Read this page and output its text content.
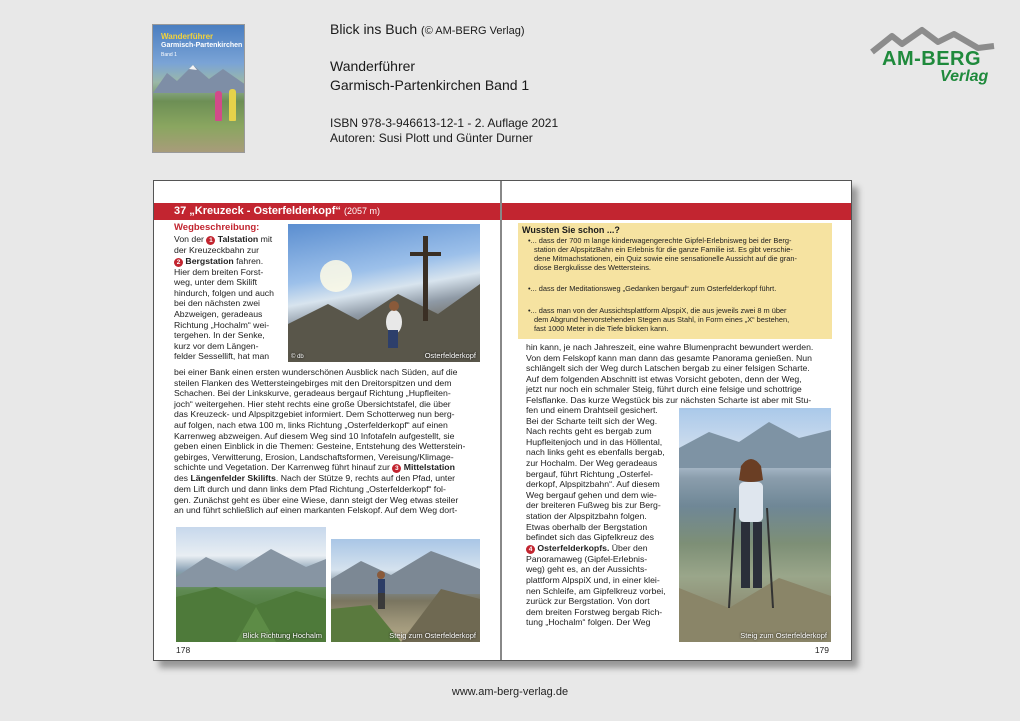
Wanderführer
Garmisch-Partenkirchen
Band 1
Blick ins Buch (© AM-BERG Verlag)
Wanderführer
Garmisch-Partenkirchen Band 1
ISBN 978-3-946613-12-1 - 2. Auflage 2021
Autoren: Susi Plott und Günter Durner
AM-BERG
Verlag
37 „Kreuzeck - Osterfelderkopf“ (2057 m)
Wegbeschreibung:
Von der 1 Talstation mit
der Kreuzeckbahn zur
2 Bergstation fahren.
Hier dem breiten Forst-
weg, unter dem Skilift
hindurch, folgen und auch
bei den nächsten zwei
Abzweigen, geradeaus
Richtung „Hochalm“ wei-
tergehen. In der Senke,
kurz vor dem Längen-
felder Sessellift, hat man
bei einer Bank einen ersten wunderschönen Ausblick nach Süden, auf die
steilen Flanken des Wettersteingebirges mit den Dreitorspitzen und dem
Schachen. Bei der Linkskurve, geradeaus bergauf Richtung „Hupfleiten-
joch“ weitergehen. Hier steht rechts eine große Übersichtstafel, die über
das Kreuzeck- und Alpspitzgebiet informiert. Dem Schotterweg nun berg-
auf folgen, nach etwa 100 m, links Richtung „Osterfelderkopf“ auf einen
Karrenweg abzweigen. Auf diesem Weg sind 10 Infotafeln aufgestellt, sie
geben einen Einblick in die Themen: Gesteine, Entstehung des Wetterstein-
gebirges, Verwitterung, Erosion, Landschaftsformen, Vereisung/Klimage-
schichte und Vegetation. Der Karrenweg führt hinauf zur 3 Mittelstation
des Längenfelder Skilifts. Nach der Stütze 9, rechts auf den Pfad, unter
dem Lift durch und dann links dem Pfad Richtung „Osterfelderkopf“ fol-
gen. Zunächst geht es über eine Wiese, dann steigt der Weg etwas steiler
an und führt schließlich auf einen markanten Felskopf. Auf dem Weg dort-
© db	Osterfelderkopf
Blick Richtung Hochalm	Steig zum Osterfelderkopf
178
Wussten Sie schon ...?
•... dass der 700 m lange kinderwagengerechte Gipfel-Erlebnisweg bei der Berg-
station der AlpspitzBahn ein Erlebnis für die ganze Familie ist. Es gibt verschie-
dene Mitmachstationen, ein Quiz sowie eine sensationelle Aussicht auf die gran-
diose Bergkulisse des Wettersteins.
•... dass der Meditationsweg „Gedanken bergauf“ zum Osterfelderkopf führt.
•... dass man von der Aussichtsplattform AlpspiX, die aus jeweils zwei 8 m über
dem Abgrund hervorstehenden Stegen aus Stahl, in Form eines „X“ bestehen,
fast 1000 Meter in die Tiefe blicken kann.
hin kann, je nach Jahreszeit, eine wahre Blumenpracht bewundert werden.
Von dem Felskopf kann man dann das gesamte Panorama genießen. Nun
schlängelt sich der Weg durch Latschen bergab zu einer felsigen Scharte.
Auf dem folgenden Abschnitt ist etwas Vorsicht geboten, denn der Weg,
jetzt nur noch ein schmaler Steig, führt durch eine felsige und schottrige
Felsflanke. Das kurze Wegstück bis zur nächsten Scharte ist aber mit Stu-
fen und einem Drahtseil gesichert.
Bei der Scharte teilt sich der Weg.
Nach rechts geht es bergab zum
Hupfleitenjoch und in das Höllental,
nach links geht es ebenfalls bergab,
zur Hochalm. Der Weg geradeaus
bergauf, führt Richtung „Osterfel-
derkopf, Alpspitzbahn“. Auf diesem
Weg bergauf gehen und dem wie-
der breiteren Fußweg bis zur Berg-
station der Alpspitzbahn folgen.
Etwas oberhalb der Bergstation
befindet sich das Gipfelkreuz des
4 Osterfelderkopfs. Über den
Panoramaweg (Gipfel-Erlebnis-
weg) geht es, an der Aussichts-
plattform AlpspiX und, in einer klei-
nen Schleife, am Gipfelkreuz vorbei,
zurück zur Bergstation. Von dort
dem breiten Forstweg bergab Rich-
tung „Hochalm“ folgen. Der Weg
Steig zum Osterfelderkopf
179
www.am-berg-verlag.de
